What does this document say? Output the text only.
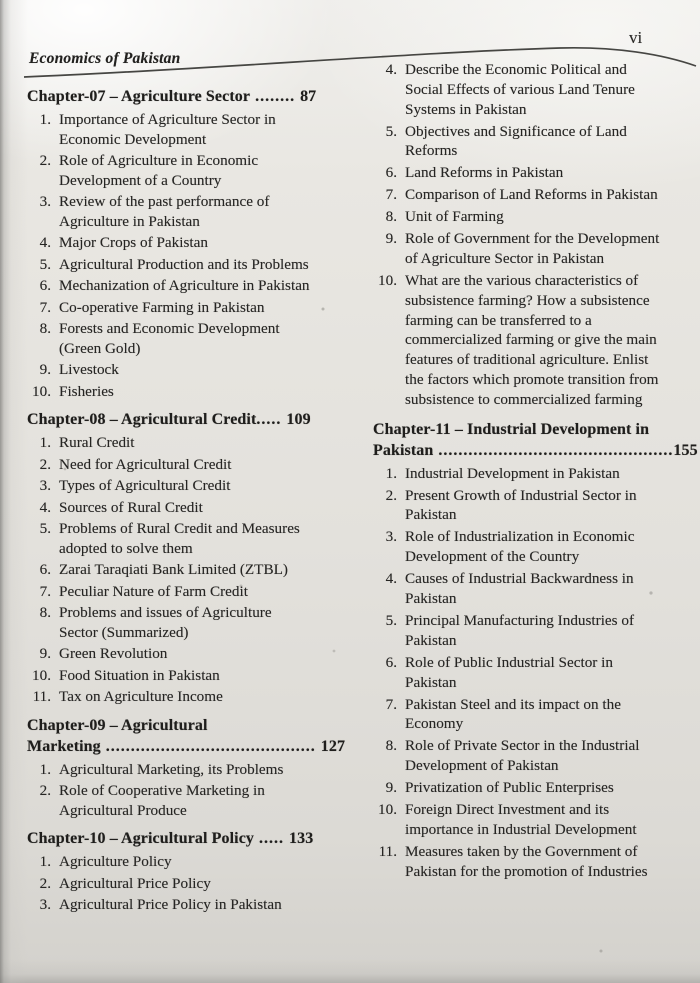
Economics of Pakistan
vi
Chapter-07 – Agriculture Sector ........ 87
1. Importance of Agriculture Sector in Economic Development
2. Role of Agriculture in Economic Development of a Country
3. Review of the past performance of Agriculture in Pakistan
4. Major Crops of Pakistan
5. Agricultural Production and its Problems
6. Mechanization of Agriculture in Pakistan
7. Co-operative Farming in Pakistan
8. Forests and Economic Development (Green Gold)
9. Livestock
10. Fisheries
Chapter-08 – Agricultural Credit..... 109
1. Rural Credit
2. Need for Agricultural Credit
3. Types of Agricultural Credit
4. Sources of Rural Credit
5. Problems of Rural Credit and Measures adopted to solve them
6. Zarai Taraqiati Bank Limited (ZTBL)
7. Peculiar Nature of Farm Credit
8. Problems and issues of Agriculture Sector (Summarized)
9. Green Revolution
10. Food Situation in Pakistan
11. Tax on Agriculture Income
Chapter-09 – Agricultural
Marketing .......................................... 127
1. Agricultural Marketing, its Problems
2. Role of Cooperative Marketing in Agricultural Produce
Chapter-10 – Agricultural Policy ..... 133
1. Agriculture Policy
2. Agricultural Price Policy
3. Agricultural Price Policy in Pakistan
4. Describe the Economic Political and Social Effects of various Land Tenure Systems in Pakistan
5. Objectives and Significance of Land Reforms
6. Land Reforms in Pakistan
7. Comparison of Land Reforms in Pakistan
8. Unit of Farming
9. Role of Government for the Development of Agriculture Sector in Pakistan
10. What are the various characteristics of subsistence farming? How a subsistence farming can be transferred to a commercialized farming or give the main features of traditional agriculture. Enlist the factors which promote transition from subsistence to commercialized farming
Chapter-11 – Industrial Development in
Pakistan ...............................................155
1. Industrial Development in Pakistan
2. Present Growth of Industrial Sector in Pakistan
3. Role of Industrialization in Economic Development of the Country
4. Causes of Industrial Backwardness in Pakistan
5. Principal Manufacturing Industries of Pakistan
6. Role of Public Industrial Sector in Pakistan
7. Pakistan Steel and its impact on the Economy
8. Role of Private Sector in the Industrial Development of Pakistan
9. Privatization of Public Enterprises
10. Foreign Direct Investment and its importance in Industrial Development
11. Measures taken by the Government of Pakistan for the promotion of Industries
